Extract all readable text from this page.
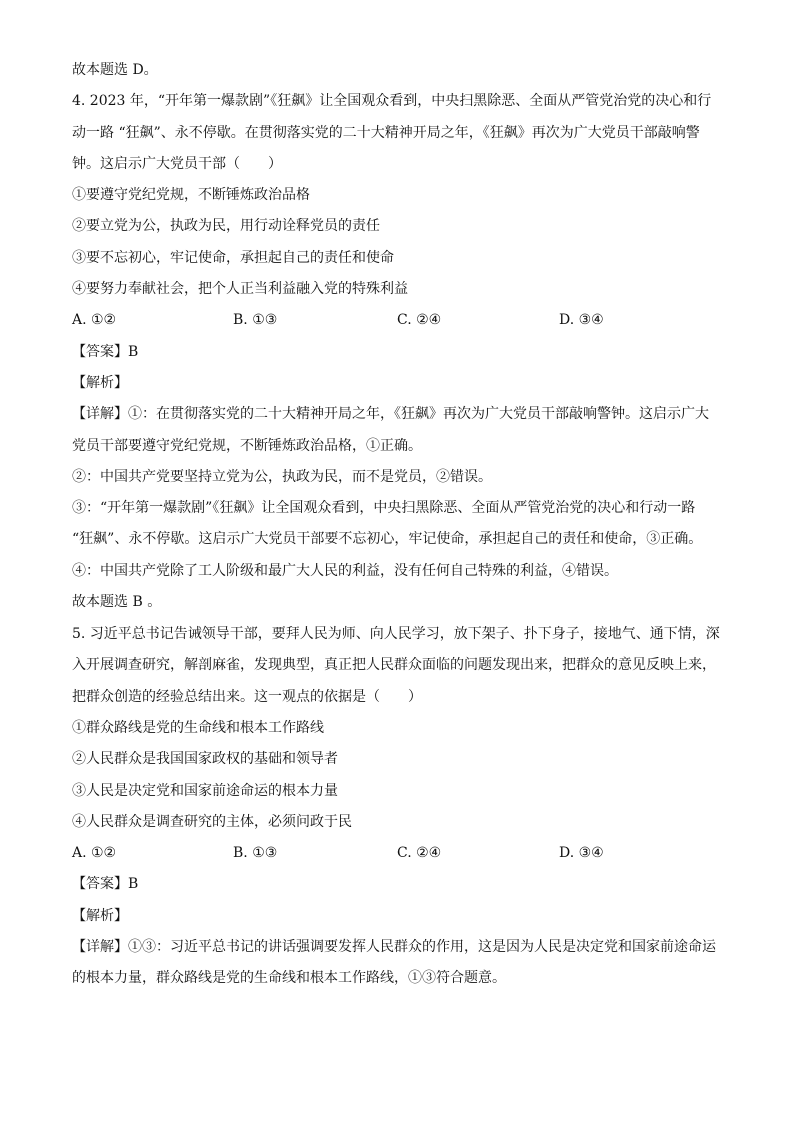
故本题选 D。
4. 2023 年，“开年第一爆款剧”《狂飙》让全国观众看到，中央扫黑除恶、全面从严管党治党的决心和行
动一路 “狂飙”、永不停歇。在贯彻落实党的二十大精神开局之年，《狂飙》再次为广大党员干部敲响警
钟。这启示广大党员干部（　　）
①要遵守党纪党规，不断锤炼政治品格
②要立党为公，执政为民，用行动诠释党员的责任
③要不忘初心，牢记使命，承担起自己的责任和使命
④要努力奉献社会，把个人正当利益融入党的特殊利益
A. ①②	B. ①③	C. ②④	D. ③④
【答案】B
【解析】
【详解】①：在贯彻落实党的二十大精神开局之年，《狂飙》再次为广大党员干部敲响警钟。这启示广大
党员干部要遵守党纪党规，不断锤炼政治品格，①正确。
②：中国共产党要坚持立党为公，执政为民，而不是党员，②错误。
③：“开年第一爆款剧”《狂飙》让全国观众看到，中央扫黑除恶、全面从严管党治党的决心和行动一路
“狂飙”、永不停歇。这启示广大党员干部要不忘初心，牢记使命，承担起自己的责任和使命，③正确。
④：中国共产党除了工人阶级和最广大人民的利益，没有任何自己特殊的利益，④错误。
故本题选 B 。
5. 习近平总书记告诫领导干部，要拜人民为师、向人民学习，放下架子、扑下身子，接地气、通下情，深
入开展调查研究，解剖麻雀，发现典型，真正把人民群众面临的问题发现出来，把群众的意见反映上来，
把群众创造的经验总结出来。这一观点的依据是（　　）
①群众路线是党的生命线和根本工作路线
②人民群众是我国国家政权的基础和领导者
③人民是决定党和国家前途命运的根本力量
④人民群众是调查研究的主体，必须问政于民
A. ①②	B. ①③	C. ②④	D. ③④
【答案】B
【解析】
【详解】①③：习近平总书记的讲话强调要发挥人民群众的作用，这是因为人民是决定党和国家前途命运
的根本力量，群众路线是党的生命线和根本工作路线，①③符合题意。
